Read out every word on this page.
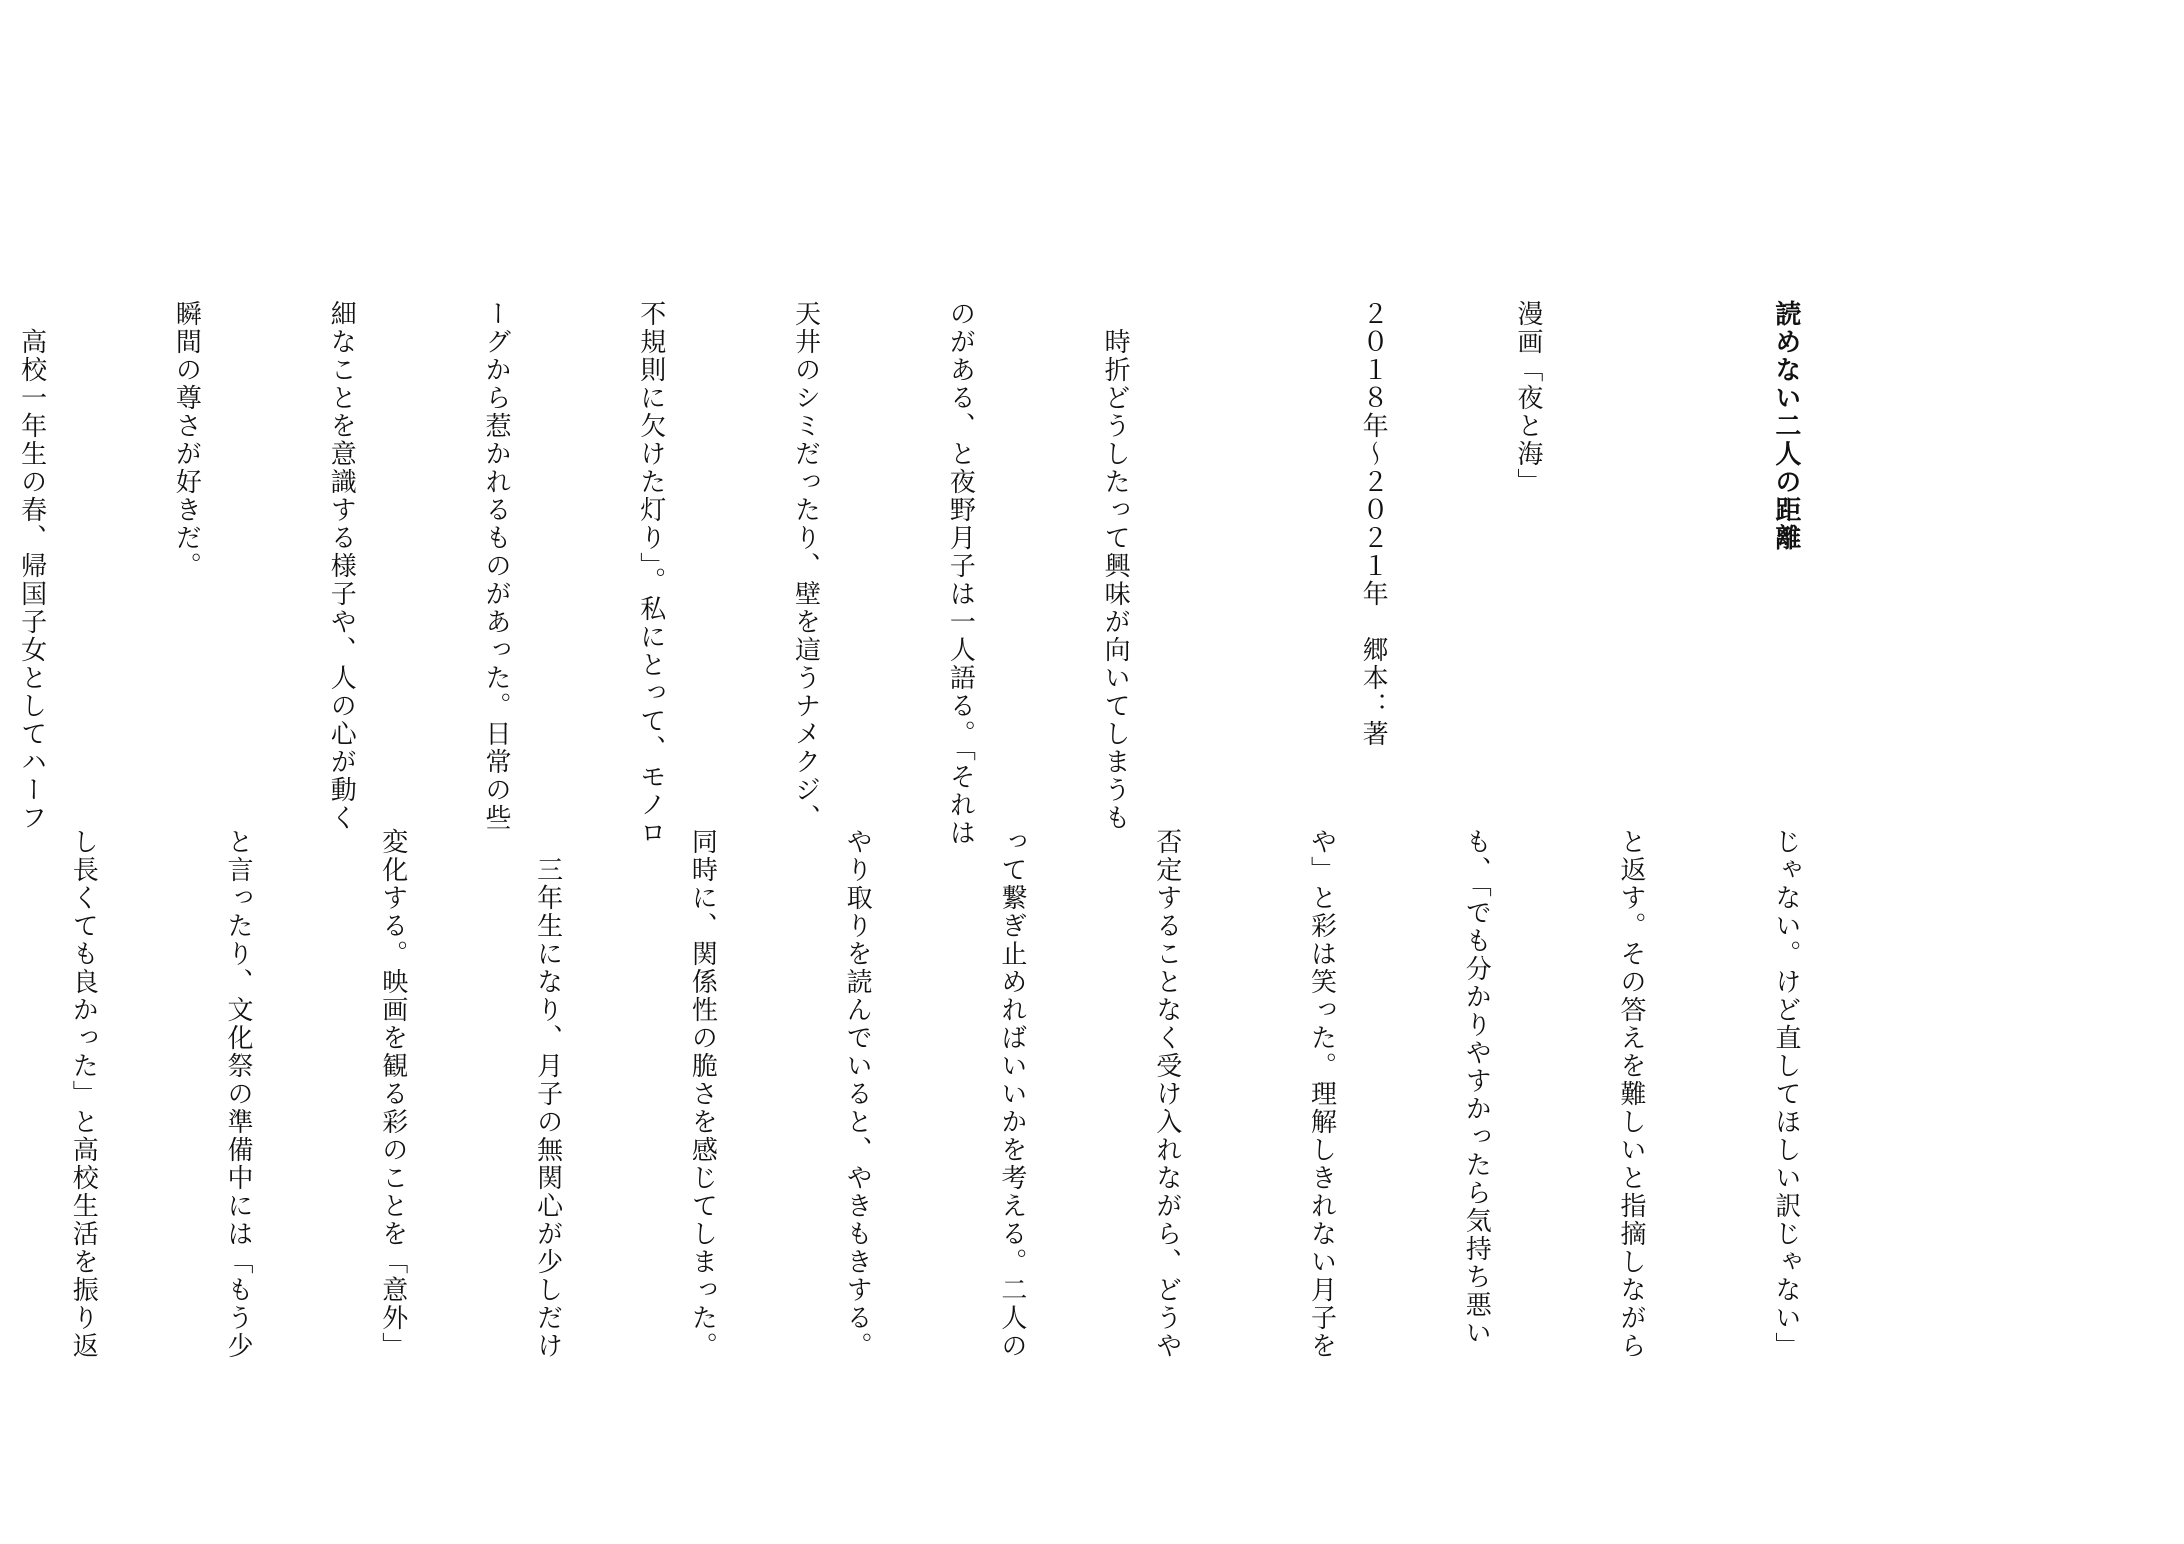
読めない二人の距離

漫画「夜と海」

２０１８年～２０２１年　郷本：著

　時折どうしたって興味が向いてしまうも

のがある、と夜野月子は一人語る。「それは

天井のシミだったり、壁を這うナメクジ、

不規則に欠けた灯り」。私にとって、モノロ

ーグから惹かれるものがあった。日常の些

細なことを意識する様子や、人の心が動く

瞬間の尊さが好きだ。

　高校一年生の春、帰国子女としてハーフ

じゃない。けど直してほしい訳じゃない」

と返す。その答えを難しいと指摘しながら

も、「でも分かりやすかったら気持ち悪い

や」と彩は笑った。理解しきれない月子を

否定することなく受け入れながら、どうや

って繋ぎ止めればいいかを考える。二人の

やり取りを読んでいると、やきもきする。

同時に、関係性の脆さを感じてしまった。

　三年生になり、月子の無関心が少しだけ

変化する。映画を観る彩のことを「意外」

と言ったり、文化祭の準備中には「もう少

し長くても良かった」と高校生活を振り返
